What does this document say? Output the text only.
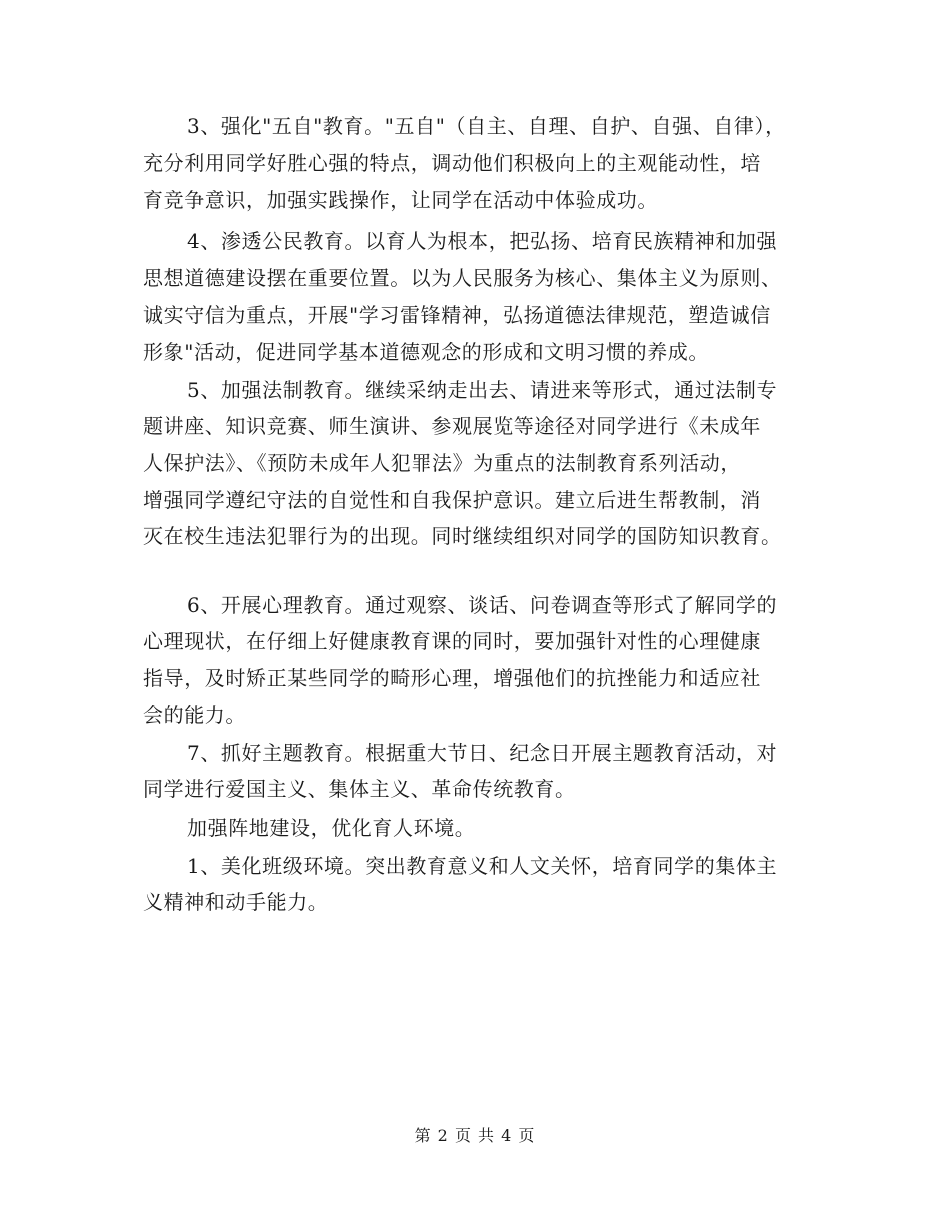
3、强化"五自"教育。"五自"（自主、自理、自护、自强、自律），
充分利用同学好胜心强的特点，调动他们积极向上的主观能动性，培
育竞争意识，加强实践操作，让同学在活动中体验成功。
4、渗透公民教育。以育人为根本，把弘扬、培育民族精神和加强
思想道德建设摆在重要位置。以为人民服务为核心、集体主义为原则、
诚实守信为重点，开展"学习雷锋精神，弘扬道德法律规范，塑造诚信
形象"活动，促进同学基本道德观念的形成和文明习惯的养成。
5、加强法制教育。继续采纳走出去、请进来等形式，通过法制专
题讲座、知识竞赛、师生演讲、参观展览等途径对同学进行《未成年
人保护法》、《预防未成年人犯罪法》为重点的法制教育系列活动，
增强同学遵纪守法的自觉性和自我保护意识。建立后进生帮教制，消
灭在校生违法犯罪行为的出现。同时继续组织对同学的国防知识教育。
6、开展心理教育。通过观察、谈话、问卷调查等形式了解同学的
心理现状，在仔细上好健康教育课的同时，要加强针对性的心理健康
指导，及时矫正某些同学的畸形心理，增强他们的抗挫能力和适应社
会的能力。
7、抓好主题教育。根据重大节日、纪念日开展主题教育活动，对
同学进行爱国主义、集体主义、革命传统教育。
加强阵地建设，优化育人环境。
1、美化班级环境。突出教育意义和人文关怀，培育同学的集体主
义精神和动手能力。
第 2 页 共 4 页
